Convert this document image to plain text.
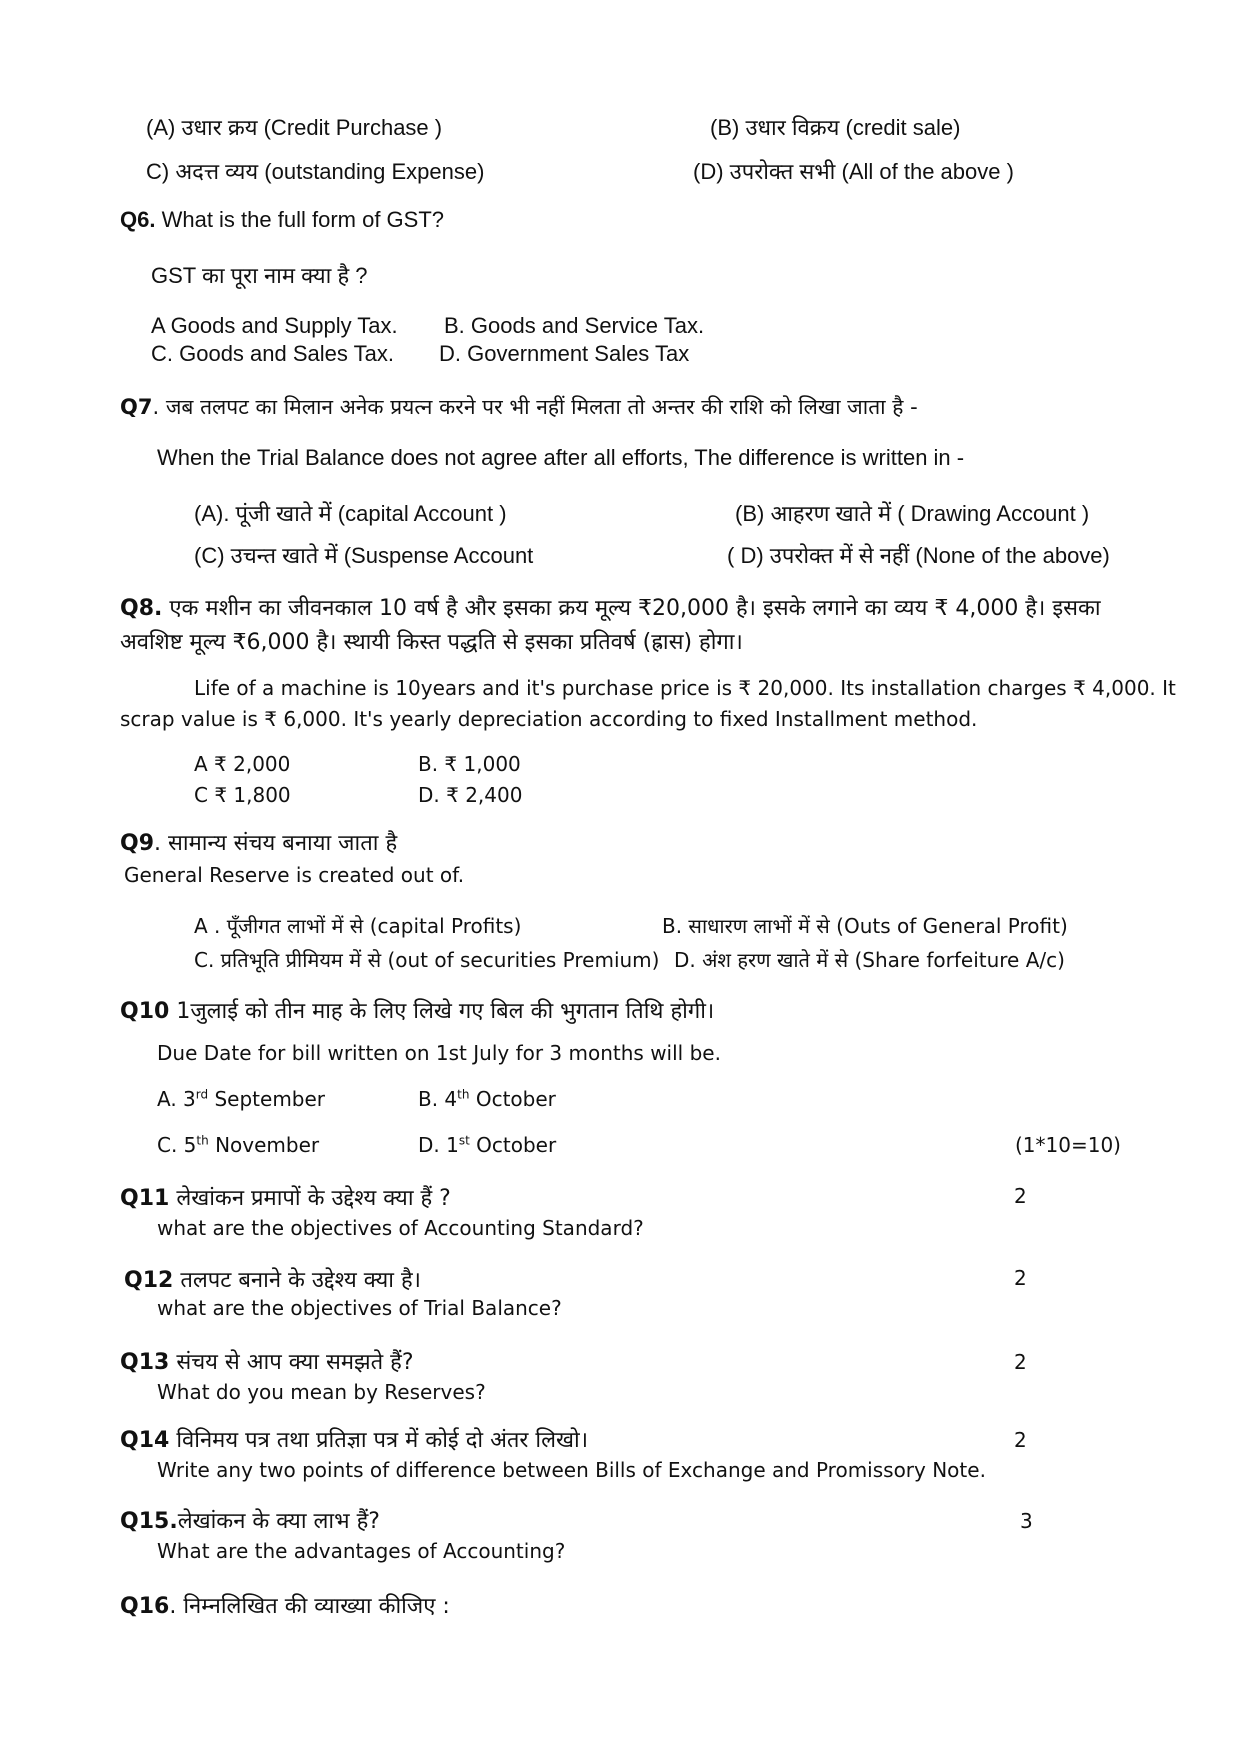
(A) उधार क्रय (Credit Purchase )	(B) उधार विक्रय (credit sale)
C) अदत्त व्यय (outstanding Expense)	(D) उपरोक्त सभी (All of the above )
Q6. What is the full form of GST?
GST का पूरा नाम क्या है ?
A Goods and Supply Tax. B. Goods and Service Tax.
C. Goods and Sales Tax. D. Government Sales Tax
Q7. जब तलपट का मिलान अनेक प्रयत्न करने पर भी नहीं मिलता तो अन्तर की राशि को लिखा जाता है -
When the Trial Balance does not agree after all efforts, The difference is written in -
(A). पूंजी खाते में (capital Account )	(B) आहरण खाते में ( Drawing Account )
(C) उचन्त खाते में (Suspense Account	( D) उपरोक्त में से नहीं (None of the above)
Q8. एक मशीन का जीवनकाल 10 वर्ष है और इसका क्रय मूल्य ₹20,000 है। इसके लगाने का व्यय ₹ 4,000 है। इसका
अवशिष्ट मूल्य ₹6,000 है। स्थायी किस्त पद्धति से इसका प्रतिवर्ष (ह्रास) होगा।
Life of a machine is 10years and it's purchase price is ₹ 20,000. Its installation charges ₹ 4,000. It
scrap value is ₹ 6,000. It's yearly depreciation according to fixed Installment method.
A ₹ 2,000	B. ₹ 1,000
C ₹ 1,800	D. ₹ 2,400
Q9. सामान्य संचय बनाया जाता है
General Reserve is created out of.
A . पूँजीगत लाभों में से (capital Profits)	B. साधारण लाभों में से (Outs of General Profit)
C. प्रतिभूति प्रीमियम में से (out of securities Premium) D. अंश हरण खाते में से (Share forfeiture A/c)
Q10 1जुलाई को तीन माह के लिए लिखे गए बिल की भुगतान तिथि होगी।
Due Date for bill written on 1st July for 3 months will be.
A. 3rd September	B. 4th October
C. 5th November	D. 1st October	(1*10=10)
Q11 लेखांकन प्रमापों के उद्देश्य क्या हैं ?	2
what are the objectives of Accounting Standard?
Q12 तलपट बनाने के उद्देश्य क्या है।	2
what are the objectives of Trial Balance?
Q13 संचय से आप क्या समझते हैं?	2
What do you mean by Reserves?
Q14 विनिमय पत्र तथा प्रतिज्ञा पत्र में कोई दो अंतर लिखो।	2
Write any two points of difference between Bills of Exchange and Promissory Note.
Q15.लेखांकन के क्या लाभ हैं?	3
What are the advantages of Accounting?
Q16. निम्नलिखित की व्याख्या कीजिए :
